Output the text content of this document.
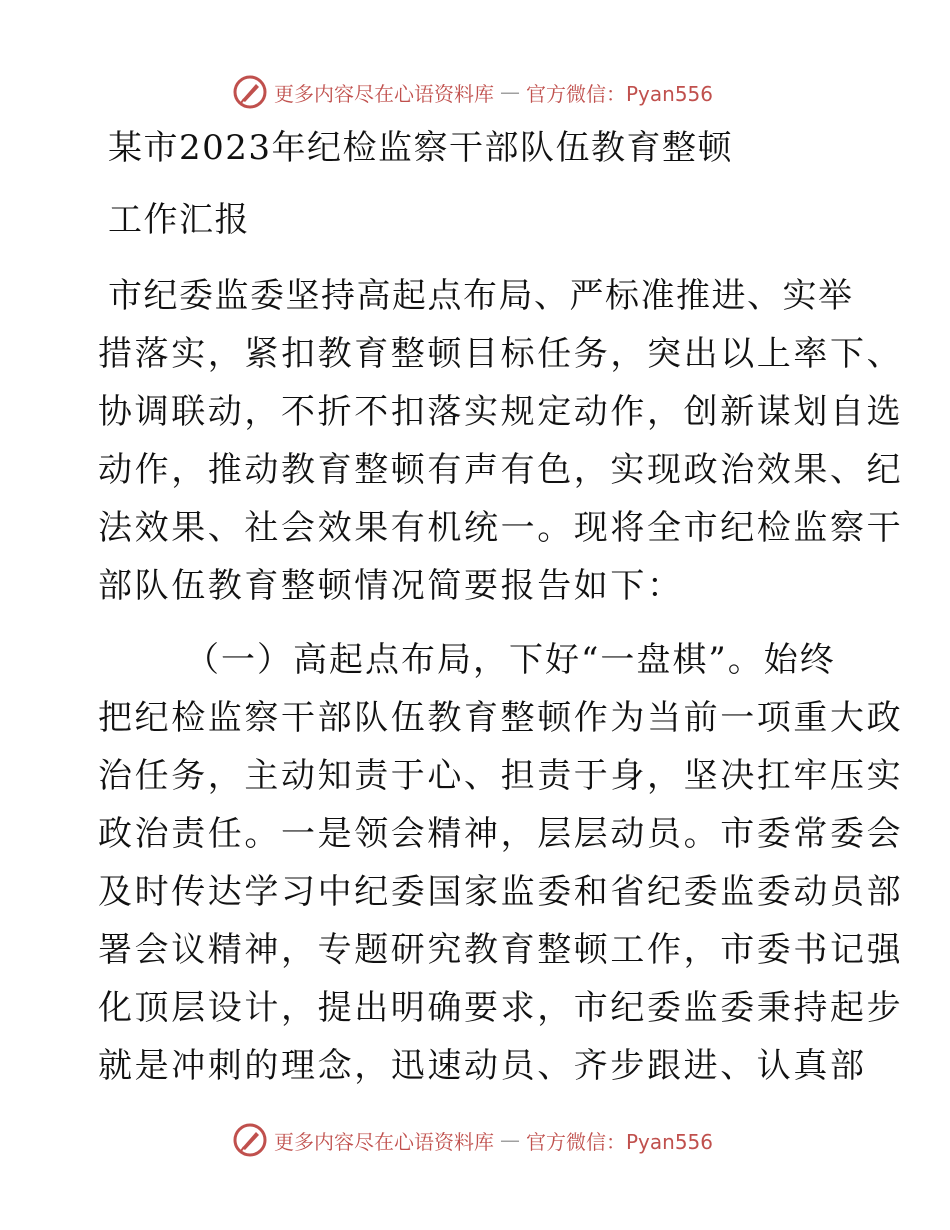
更多内容尽在心语资料库 — 官方微信：Pyan556
某市2023年纪检监察干部队伍教育整顿
工作汇报
市纪委监委坚持高起点布局、严标准推进、实举
措落实，紧扣教育整顿目标任务，突出以上率下、
协调联动，不折不扣落实规定动作，创新谋划自选
动作，推动教育整顿有声有色，实现政治效果、纪
法效果、社会效果有机统一。现将全市纪检监察干
部队伍教育整顿情况简要报告如下：
（一）高起点布局，下好“一盘棋”。始终
把纪检监察干部队伍教育整顿作为当前一项重大政
治任务，主动知责于心、担责于身，坚决扛牢压实
政治责任。一是领会精神，层层动员。市委常委会
及时传达学习中纪委国家监委和省纪委监委动员部
署会议精神，专题研究教育整顿工作，市委书记强
化顶层设计，提出明确要求，市纪委监委秉持起步
就是冲刺的理念，迅速动员、齐步跟进、认真部
更多内容尽在心语资料库 — 官方微信：Pyan556
